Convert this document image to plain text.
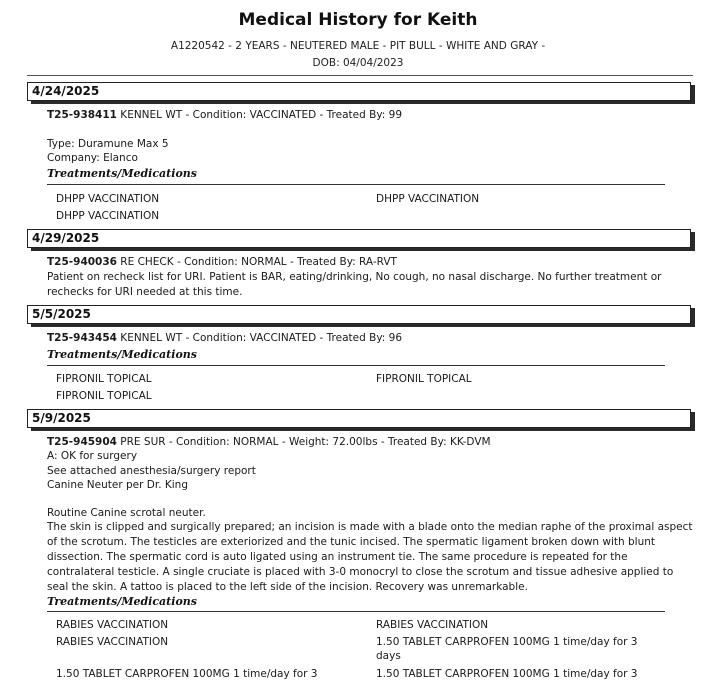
Medical History for Keith
A1220542 - 2 YEARS - NEUTERED MALE - PIT BULL - WHITE AND GRAY -
DOB: 04/04/2023
4/24/2025
T25-938411 KENNEL WT - Condition: VACCINATED - Treated By: 99
Type: Duramune Max 5
Company: Elanco
Treatments/Medications
DHPP VACCINATION	DHPP VACCINATION
DHPP VACCINATION
4/29/2025
T25-940036 RE CHECK - Condition: NORMAL - Treated By: RA-RVT
Patient on recheck list for URI. Patient is BAR, eating/drinking, No cough, no nasal discharge. No further treatment or rechecks for URI needed at this time.
5/5/2025
T25-943454 KENNEL WT - Condition: VACCINATED - Treated By: 96
Treatments/Medications
FIPRONIL TOPICAL	FIPRONIL TOPICAL
FIPRONIL TOPICAL
5/9/2025
T25-945904 PRE SUR - Condition: NORMAL - Weight: 72.00lbs - Treated By: KK-DVM
A: OK for surgery
See attached anesthesia/surgery report
Canine Neuter per Dr. King
Routine Canine scrotal neuter.
The skin is clipped and surgically prepared; an incision is made with a blade onto the median raphe of the proximal aspect of the scrotum. The testicles are exteriorized and the tunic incised. The spermatic ligament broken down with blunt dissection. The spermatic cord is auto ligated using an instrument tie. The same procedure is repeated for the contralateral testicle. A single cruciate is placed with 3-0 monocryl to close the scrotum and tissue adhesive applied to seal the skin. A tattoo is placed to the left side of the incision. Recovery was unremarkable.
Treatments/Medications
RABIES VACCINATION	RABIES VACCINATION
RABIES VACCINATION	1.50 TABLET CARPROFEN 100MG 1 time/day for 3
days
1.50 TABLET CARPROFEN 100MG 1 time/day for 3	1.50 TABLET CARPROFEN 100MG 1 time/day for 3
